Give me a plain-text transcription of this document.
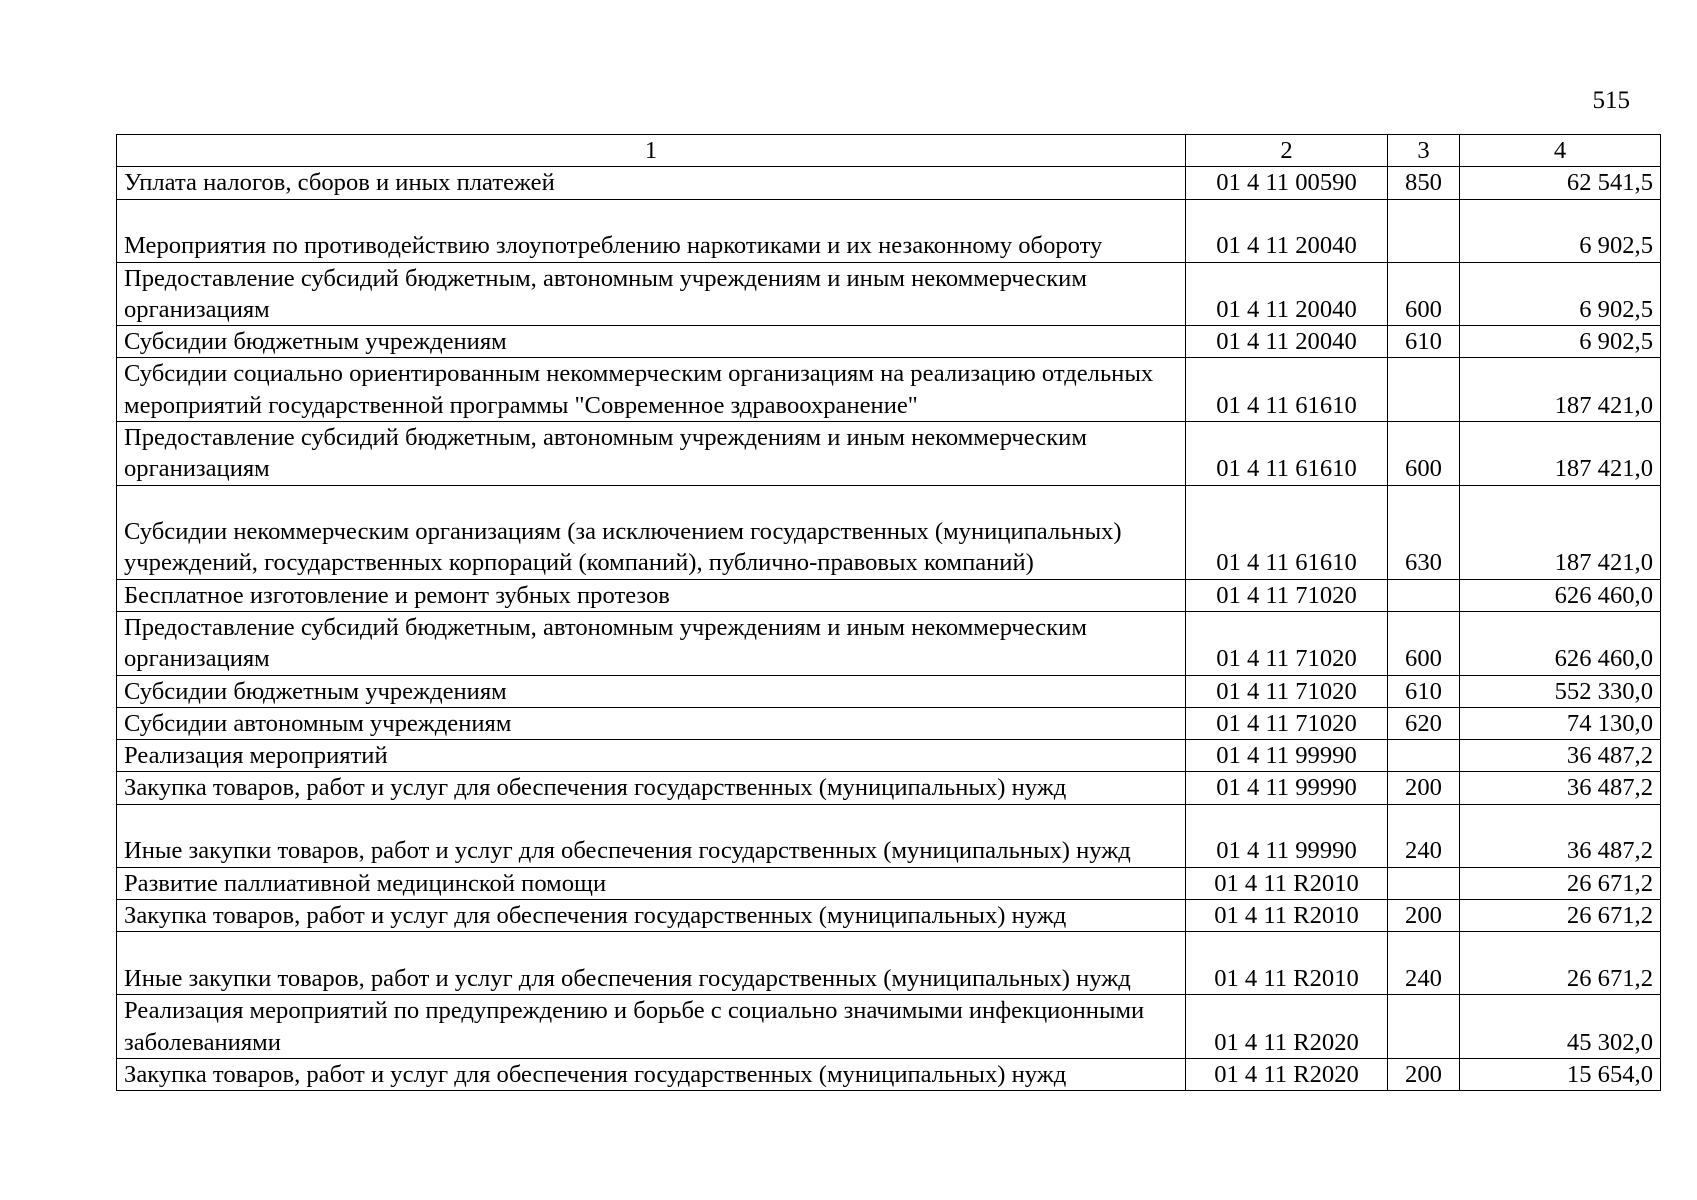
515
1	2	3	4
Уплата налогов, сборов и иных платежей	01 4 11 00590	850	62 541,5
Мероприятия по противодействию злоупотреблению наркотиками и их незаконному обороту	01 4 11 20040		6 902,5
Предоставление субсидий бюджетным, автономным учреждениям и иным некоммерческим организациям	01 4 11 20040	600	6 902,5
Субсидии бюджетным учреждениям	01 4 11 20040	610	6 902,5
Субсидии социально ориентированным некоммерческим организациям на реализацию отдельных мероприятий государственной программы "Современное здравоохранение"	01 4 11 61610		187 421,0
Предоставление субсидий бюджетным, автономным учреждениям и иным некоммерческим организациям	01 4 11 61610	600	187 421,0
Субсидии некоммерческим организациям (за исключением государственных (муниципальных) учреждений, государственных корпораций (компаний), публично-правовых компаний)	01 4 11 61610	630	187 421,0
Бесплатное изготовление и ремонт зубных протезов	01 4 11 71020		626 460,0
Предоставление субсидий бюджетным, автономным учреждениям и иным некоммерческим организациям	01 4 11 71020	600	626 460,0
Субсидии бюджетным учреждениям	01 4 11 71020	610	552 330,0
Субсидии автономным учреждениям	01 4 11 71020	620	74 130,0
Реализация мероприятий	01 4 11 99990		36 487,2
Закупка товаров, работ и услуг для обеспечения государственных (муниципальных) нужд	01 4 11 99990	200	36 487,2
Иные закупки товаров, работ и услуг для обеспечения государственных (муниципальных) нужд	01 4 11 99990	240	36 487,2
Развитие паллиативной медицинской помощи	01 4 11 R2010		26 671,2
Закупка товаров, работ и услуг для обеспечения государственных (муниципальных) нужд	01 4 11 R2010	200	26 671,2
Иные закупки товаров, работ и услуг для обеспечения государственных (муниципальных) нужд	01 4 11 R2010	240	26 671,2
Реализация мероприятий по предупреждению и борьбе с социально значимыми инфекционными заболеваниями	01 4 11 R2020		45 302,0
Закупка товаров, работ и услуг для обеспечения государственных (муниципальных) нужд	01 4 11 R2020	200	15 654,0
